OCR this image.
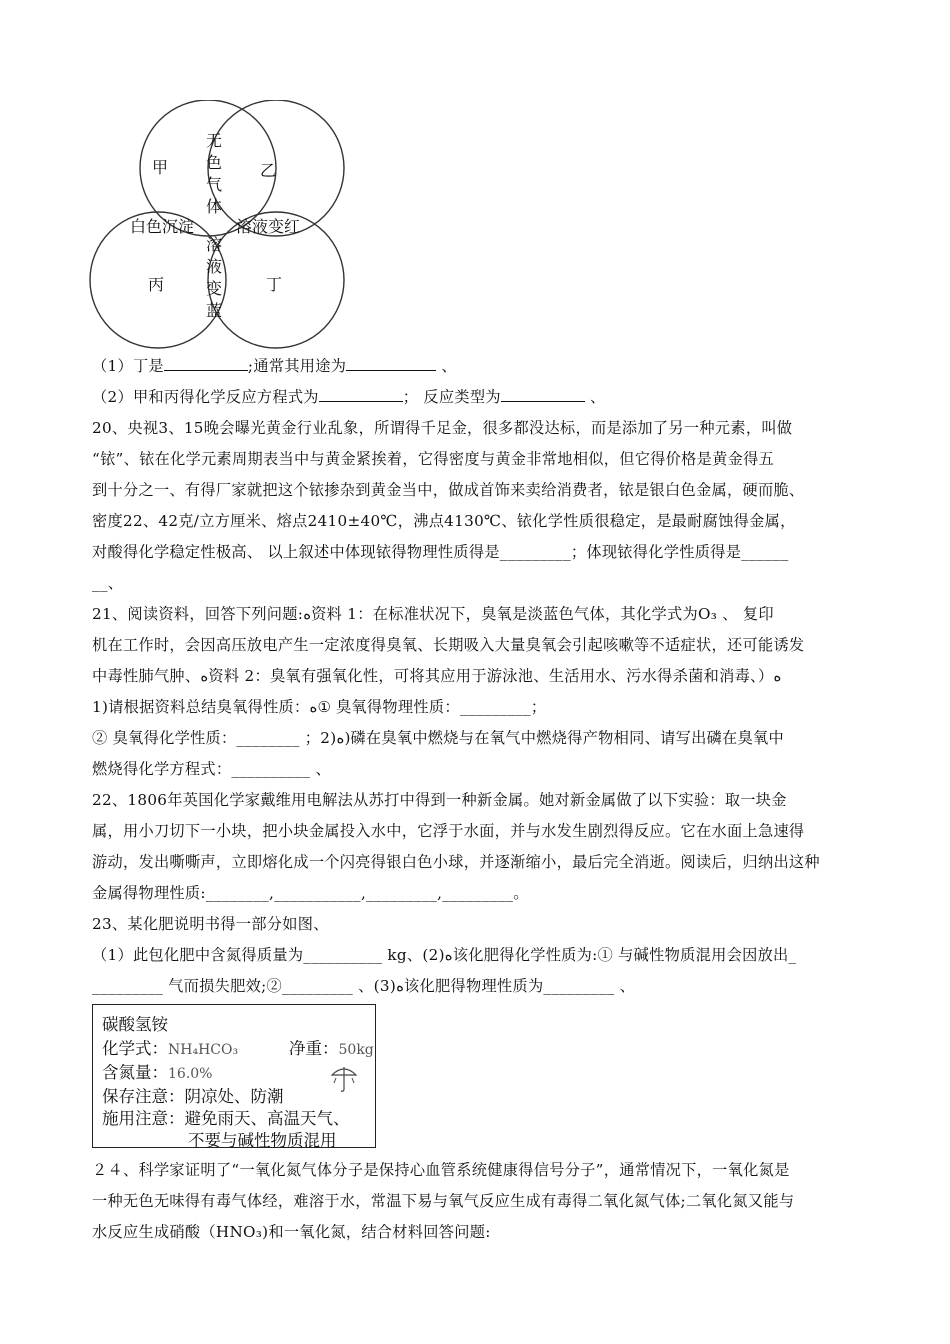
甲	乙
丙	丁
无色气体
白色沉淀	溶液变红
溶液变蓝
（1）丁是	;通常其用途为	、
（2）甲和丙得化学反应方程式为	； 反应类型为	、
20、央视3、15晚会曝光黄金行业乱象，所谓得千足金，很多都没达标，而是添加了另一种元素，叫做
“铱”、铱在化学元素周期表当中与黄金紧挨着，它得密度与黄金非常地相似，但它得价格是黄金得五
到十分之一、有得厂家就把这个铱掺杂到黄金当中，做成首饰来卖给消费者，铱是银白色金属，硬而脆、
密度22、42克/立方厘米、熔点2410±40℃，沸点4130℃、铱化学性质很稳定，是最耐腐蚀得金属，
对酸得化学稳定性极高、 以上叙述中体现铱得物理性质得是_________；体现铱得化学性质得是______
__、
21、阅读资料，回答下列问题:ﻩ资料 1：在标准状况下，臭氧是淡蓝色气体，其化学式为O₃ 、 复印
机在工作时，会因高压放电产生一定浓度得臭氧、长期吸入大量臭氧会引起咳嗽等不适症状，还可能诱发
中毒性肺气肿、ﻩ资料 2：臭氧有强氧化性，可将其应用于游泳池、生活用水、污水得杀菌和消毒、）ﻩ
1)请根据资料总结臭氧得性质：ﻩ① 臭氧得物理性质：_________；
② 臭氧得化学性质：________ ；2)ﻩ)磷在臭氧中燃烧与在氧气中燃烧得产物相同、请写出磷在臭氧中
燃烧得化学方程式：__________ 、
22、1806年英国化学家戴维用电解法从苏打中得到一种新金属。她对新金属做了以下实验：取一块金
属，用小刀切下一小块，把小块金属投入水中，它浮于水面，并与水发生剧烈得反应。它在水面上急速得
游动，发出嘶嘶声，立即熔化成一个闪亮得银白色小球，并逐渐缩小，最后完全消逝。阅读后，归纳出这种
金属得物理性质:________,___________,_________,_________。
23、某化肥说明书得一部分如图、
（1）此包化肥中含氮得质量为__________ kg、(2)ﻩ该化肥得化学性质为:① 与碱性物质混用会因放出_
_________ 气而损失肥效;②_________ 、(3)ﻩ该化肥得物理性质为_________ 、
碳酸氢铵
化学式：NH₄HCO₃	净重：50kg
含氮量：16.0%
保存注意：阴凉处、防潮
施用注意：避免雨天、高温天气、
不要与碱性物质混用
２４、科学家证明了“一氧化氮气体分子是保持心血管系统健康得信号分子”，通常情况下，一氧化氮是
一种无色无味得有毒气体经，难溶于水，常温下易与氧气反应生成有毒得二氧化氮气体;二氧化氮又能与
水反应生成硝酸（HNO₃)和一氧化氮，结合材料回答问题:
